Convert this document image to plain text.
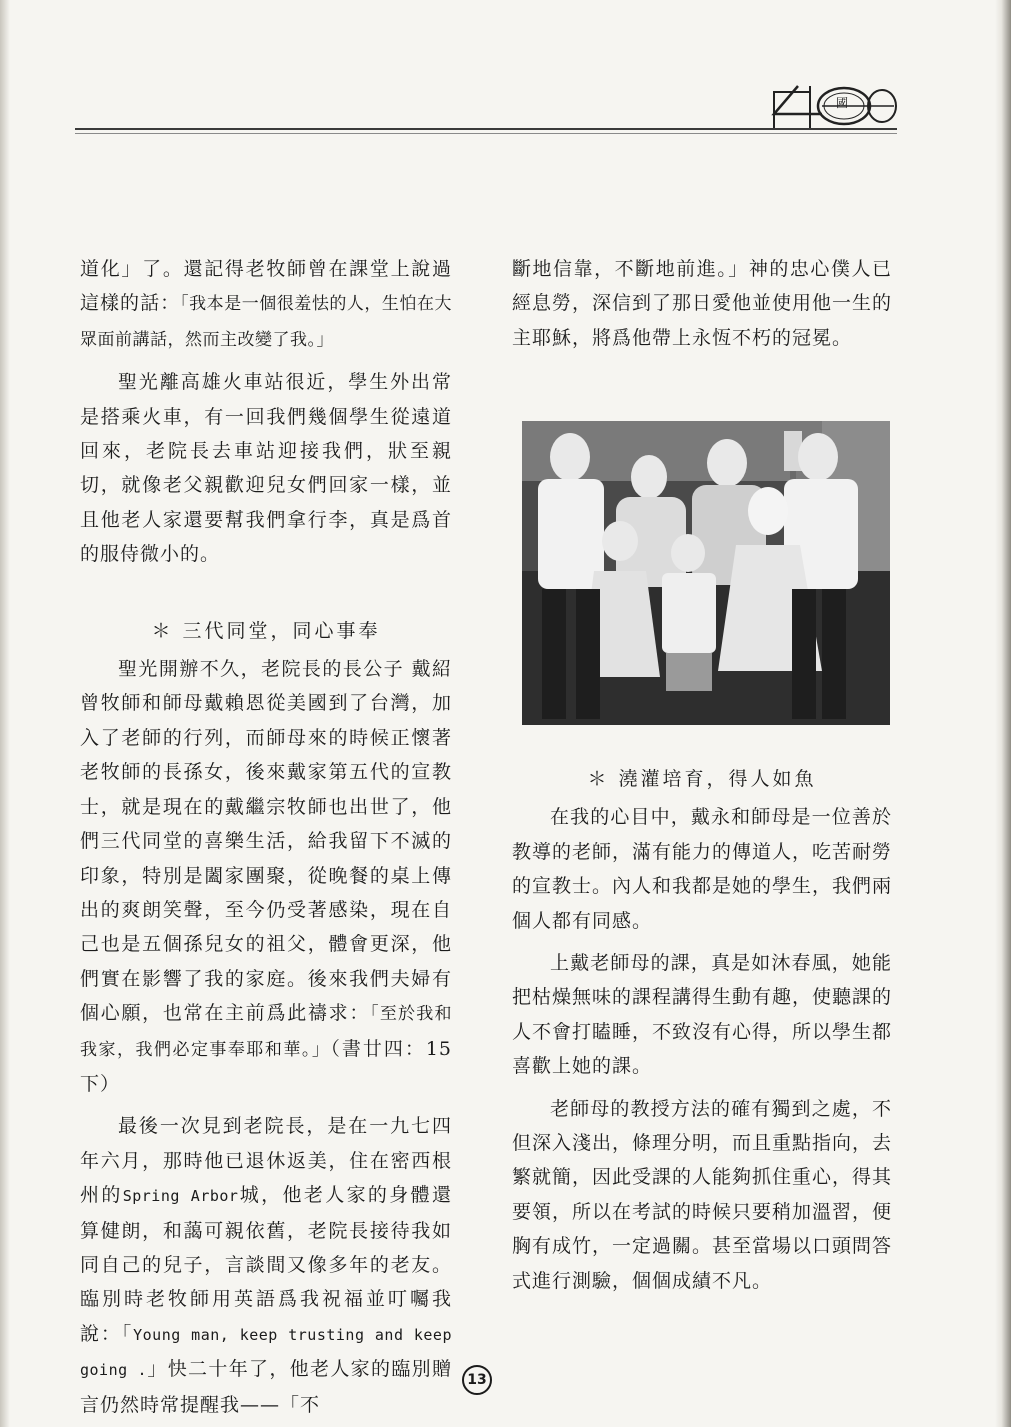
國

道化」了。還記得老牧師曾在課堂上說過這樣的話：「我本是一個很羞怯的人，生怕在大眾面前講話，然而主改變了我。」

聖光離高雄火車站很近，學生外出常是搭乘火車，有一回我們幾個學生從遠道回來，老院長去車站迎接我們，狀至親切，就像老父親歡迎兒女們回家一樣，並且他老人家還要幫我們拿行李，真是爲首的服侍微小的。

＊ 三代同堂，同心事奉

聖光開辦不久，老院長的長公子 戴紹曾牧師和師母戴賴恩從美國到了台灣，加入了老師的行列，而師母來的時候正懷著老牧師的長孫女，後來戴家第五代的宣教士，就是現在的戴繼宗牧師也出世了，他們三代同堂的喜樂生活，給我留下不滅的印象，特別是闔家團聚，從晚餐的桌上傳出的爽朗笑聲，至今仍受著感染，現在自己也是五個孫兒女的祖父，體會更深，他們實在影響了我的家庭。後來我們夫婦有個心願，也常在主前爲此禱求：「至於我和我家，我們必定事奉耶和華。」（書廿四：15下）

最後一次見到老院長，是在一九七四年六月，那時他已退休返美，住在密西根州的Spring Arbor城，他老人家的身體還算健朗，和藹可親依舊，老院長接待我如同自己的兒子，言談間又像多年的老友。臨別時老牧師用英語爲我祝福並叮囑我說：「Young man, keep trusting and keep going .」快二十年了，他老人家的臨別贈言仍然時常提醒我——「不

斷地信靠，不斷地前進。」神的忠心僕人已經息勞，深信到了那日愛他並使用他一生的主耶穌，將爲他帶上永恆不朽的冠冕。

＊ 澆灌培育，得人如魚

在我的心目中，戴永和師母是一位善於教導的老師，滿有能力的傳道人，吃苦耐勞的宣教士。內人和我都是她的學生，我們兩個人都有同感。

上戴老師母的課，真是如沐春風，她能把枯燥無味的課程講得生動有趣，使聽課的人不會打瞌睡，不致沒有心得，所以學生都喜歡上她的課。

老師母的教授方法的確有獨到之處，不但深入淺出，條理分明，而且重點指向，去繁就簡，因此受課的人能夠抓住重心，得其要領，所以在考試的時候只要稍加溫習，便胸有成竹，一定過關。甚至當場以口頭問答式進行測驗，個個成績不凡。

13
